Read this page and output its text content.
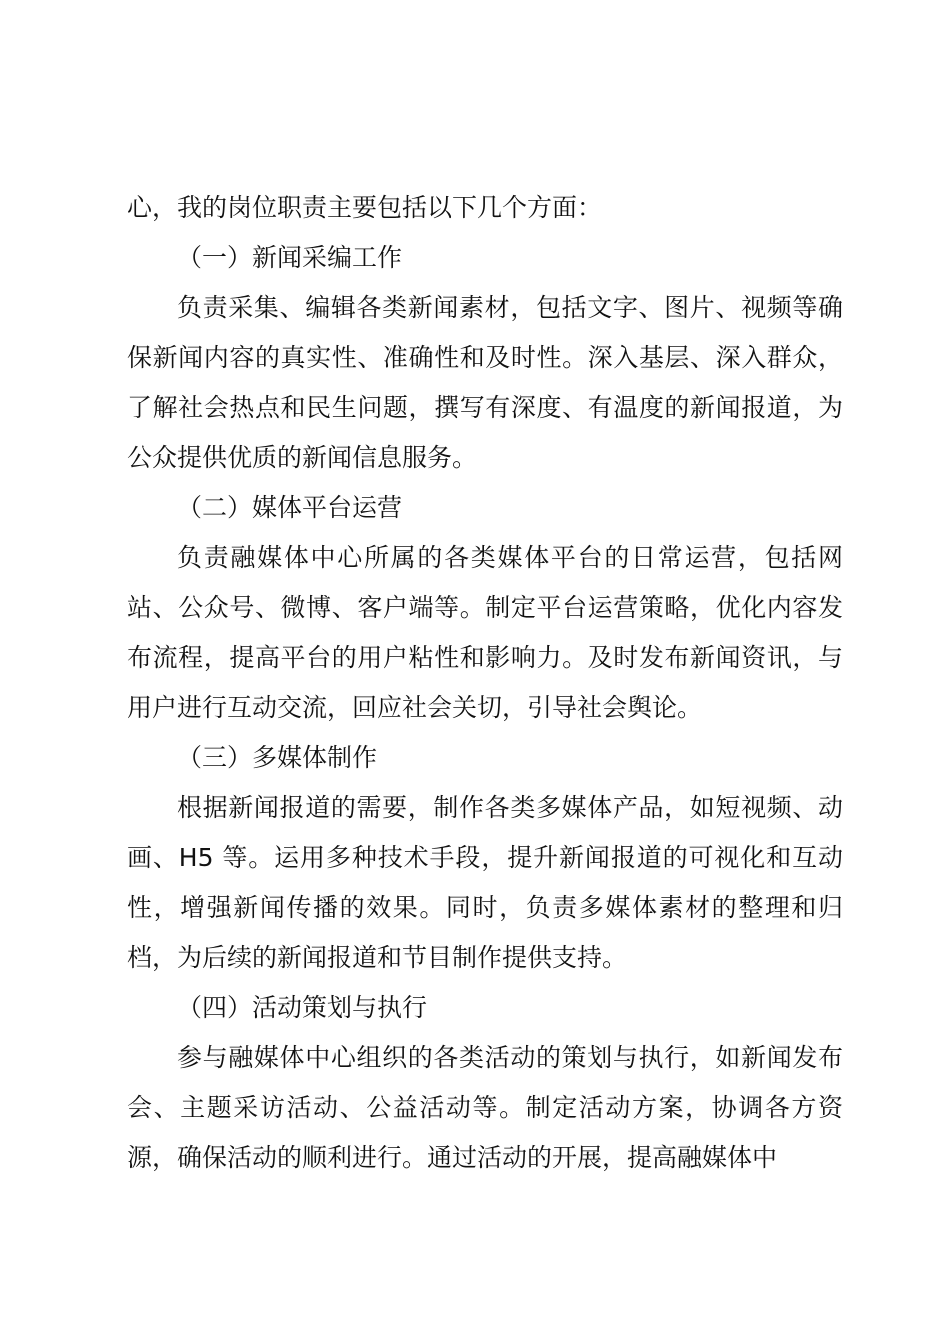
心，我的岗位职责主要包括以下几个方面：

（一）新闻采编工作

负责采集、编辑各类新闻素材，包括文字、图片、视频等确保新闻内容的真实性、准确性和及时性。深入基层、深入群众，了解社会热点和民生问题，撰写有深度、有温度的新闻报道，为公众提供优质的新闻信息服务。

（二）媒体平台运营

负责融媒体中心所属的各类媒体平台的日常运营，包括网站、公众号、微博、客户端等。制定平台运营策略，优化内容发布流程，提高平台的用户粘性和影响力。及时发布新闻资讯，与用户进行互动交流，回应社会关切，引导社会舆论。

（三）多媒体制作

根据新闻报道的需要，制作各类多媒体产品，如短视频、动画、H5 等。运用多种技术手段，提升新闻报道的可视化和互动性，增强新闻传播的效果。同时，负责多媒体素材的整理和归档，为后续的新闻报道和节目制作提供支持。

（四）活动策划与执行

参与融媒体中心组织的各类活动的策划与执行，如新闻发布会、主题采访活动、公益活动等。制定活动方案，协调各方资源，确保活动的顺利进行。通过活动的开展，提高融媒体中
